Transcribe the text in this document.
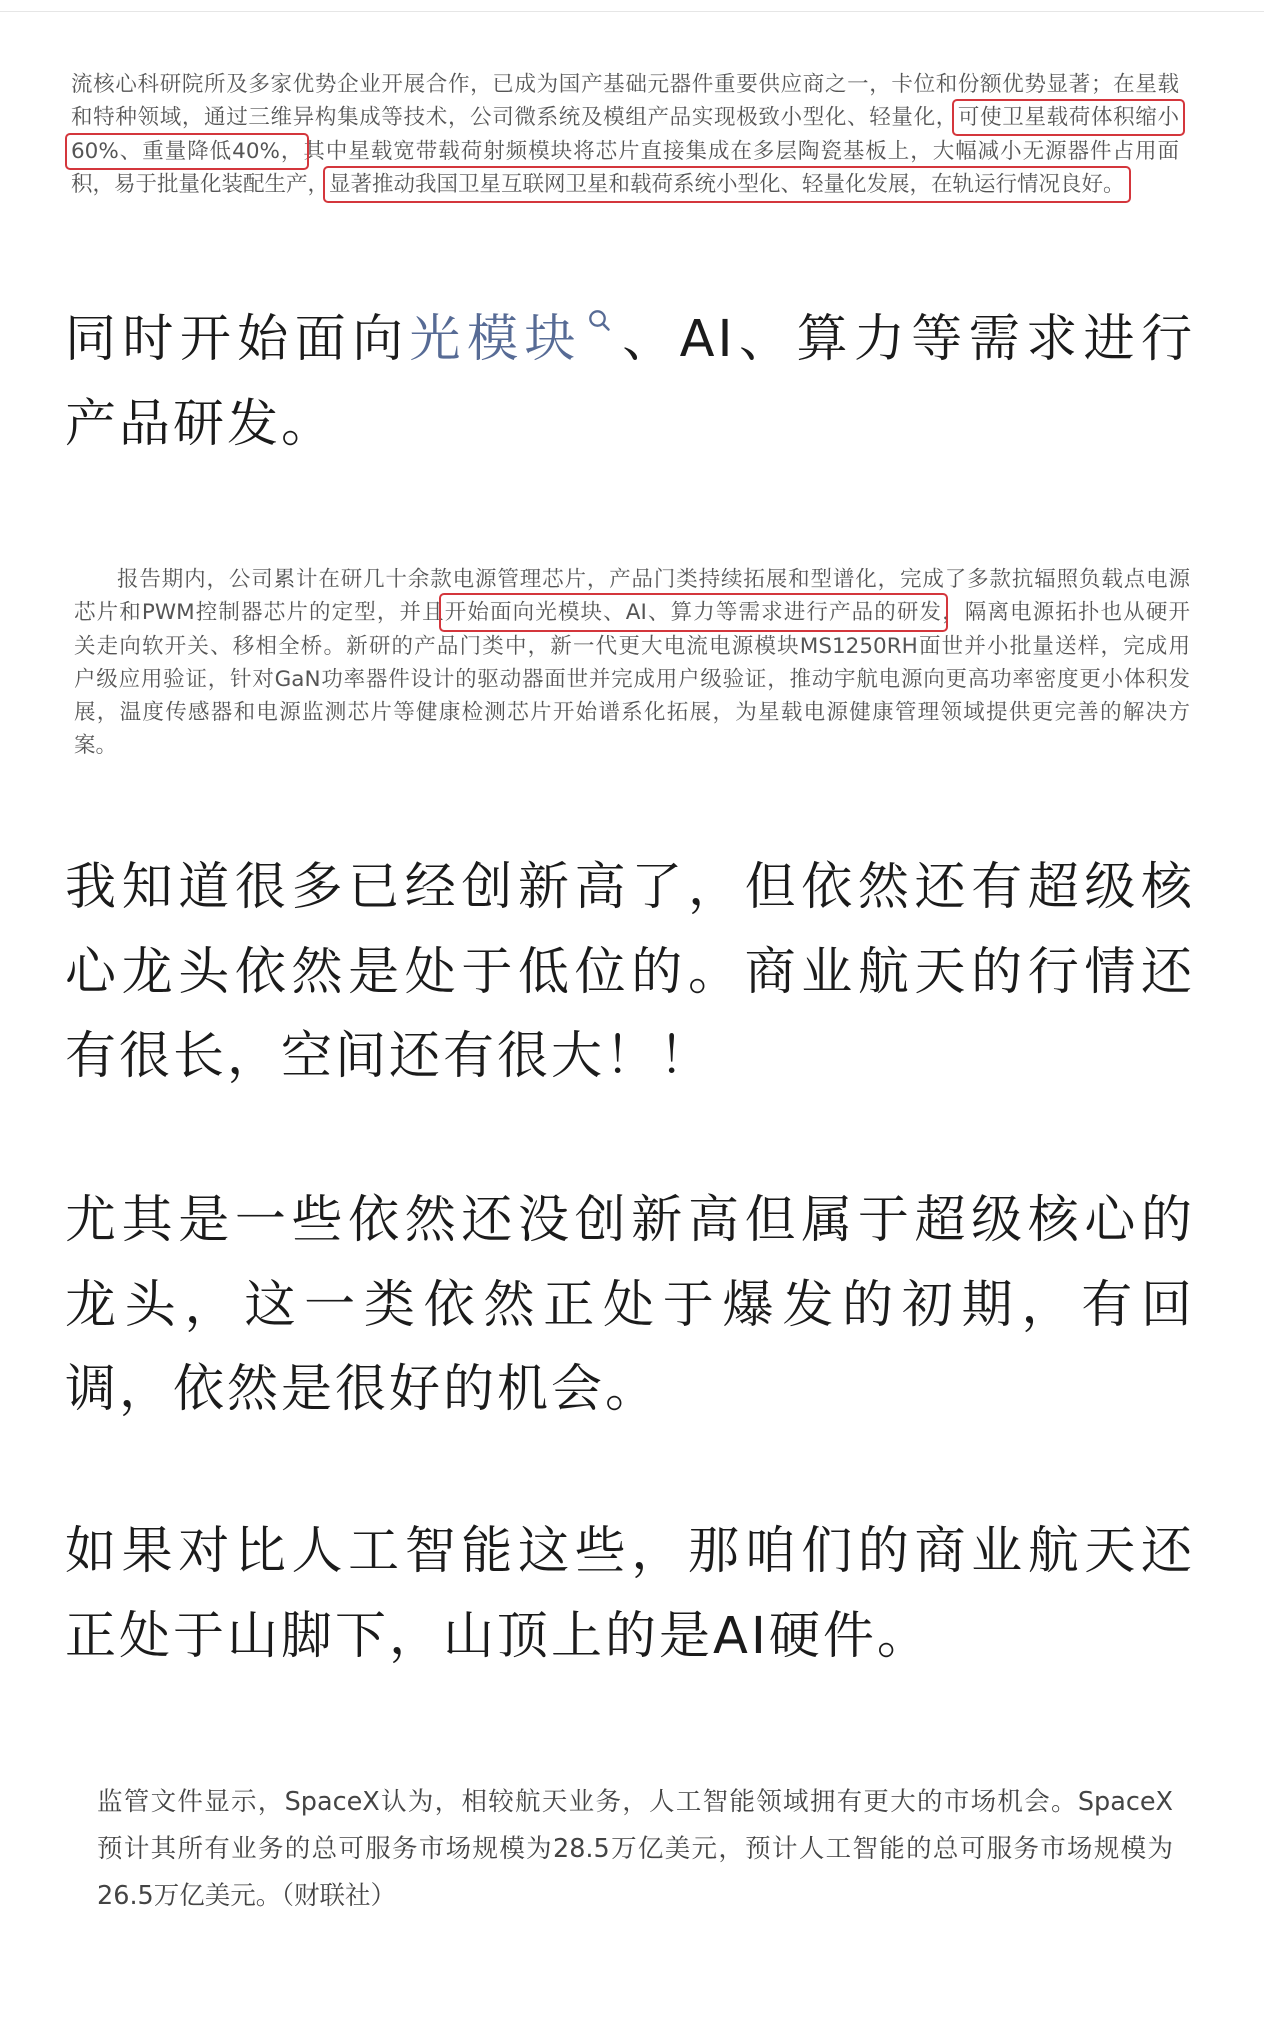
流核心科研院所及多家优势企业开展合作，已成为国产基础元器件重要供应商之一，卡位和份额优势显著；在星载
和特种领域，通过三维异构集成等技术，公司微系统及模组产品实现极致小型化、轻量化，可使卫星载荷体积缩小
60%、重量降低40%，其中星载宽带载荷射频模块将芯片直接集成在多层陶瓷基板上，大幅减小无源器件占用面
积，易于批量化装配生产，显著推动我国卫星互联网卫星和载荷系统小型化、轻量化发展，在轨运行情况良好。
同时开始面向光模块 、AI、算力等需求进行
产品研发。
报告期内，公司累计在研几十余款电源管理芯片，产品门类持续拓展和型谱化，完成了多款抗辐照负载点电源
芯片和PWM控制器芯片的定型，并且开始面向光模块、AI、算力等需求进行产品的研发，隔离电源拓扑也从硬开
关走向软开关、移相全桥。新研的产品门类中，新一代更大电流电源模块MS1250RH面世并小批量送样，完成用
户级应用验证，针对GaN功率器件设计的驱动器面世并完成用户级验证，推动宇航电源向更高功率密度更小体积发
展，温度传感器和电源监测芯片等健康检测芯片开始谱系化拓展，为星载电源健康管理领域提供更完善的解决方
案。
我知道很多已经创新高了，但依然还有超级核
心龙头依然是处于低位的。商业航天的行情还
有很长，空间还有很大！！
尤其是一些依然还没创新高但属于超级核心的
龙头，这一类依然正处于爆发的初期，有回
调，依然是很好的机会。
如果对比人工智能这些，那咱们的商业航天还
正处于山脚下，山顶上的是AI硬件。
监管文件显示，SpaceX认为，相较航天业务，人工智能领域拥有更大的市场机会。SpaceX
预计其所有业务的总可服务市场规模为28.5万亿美元，预计人工智能的总可服务市场规模为
26.5万亿美元。（财联社）
